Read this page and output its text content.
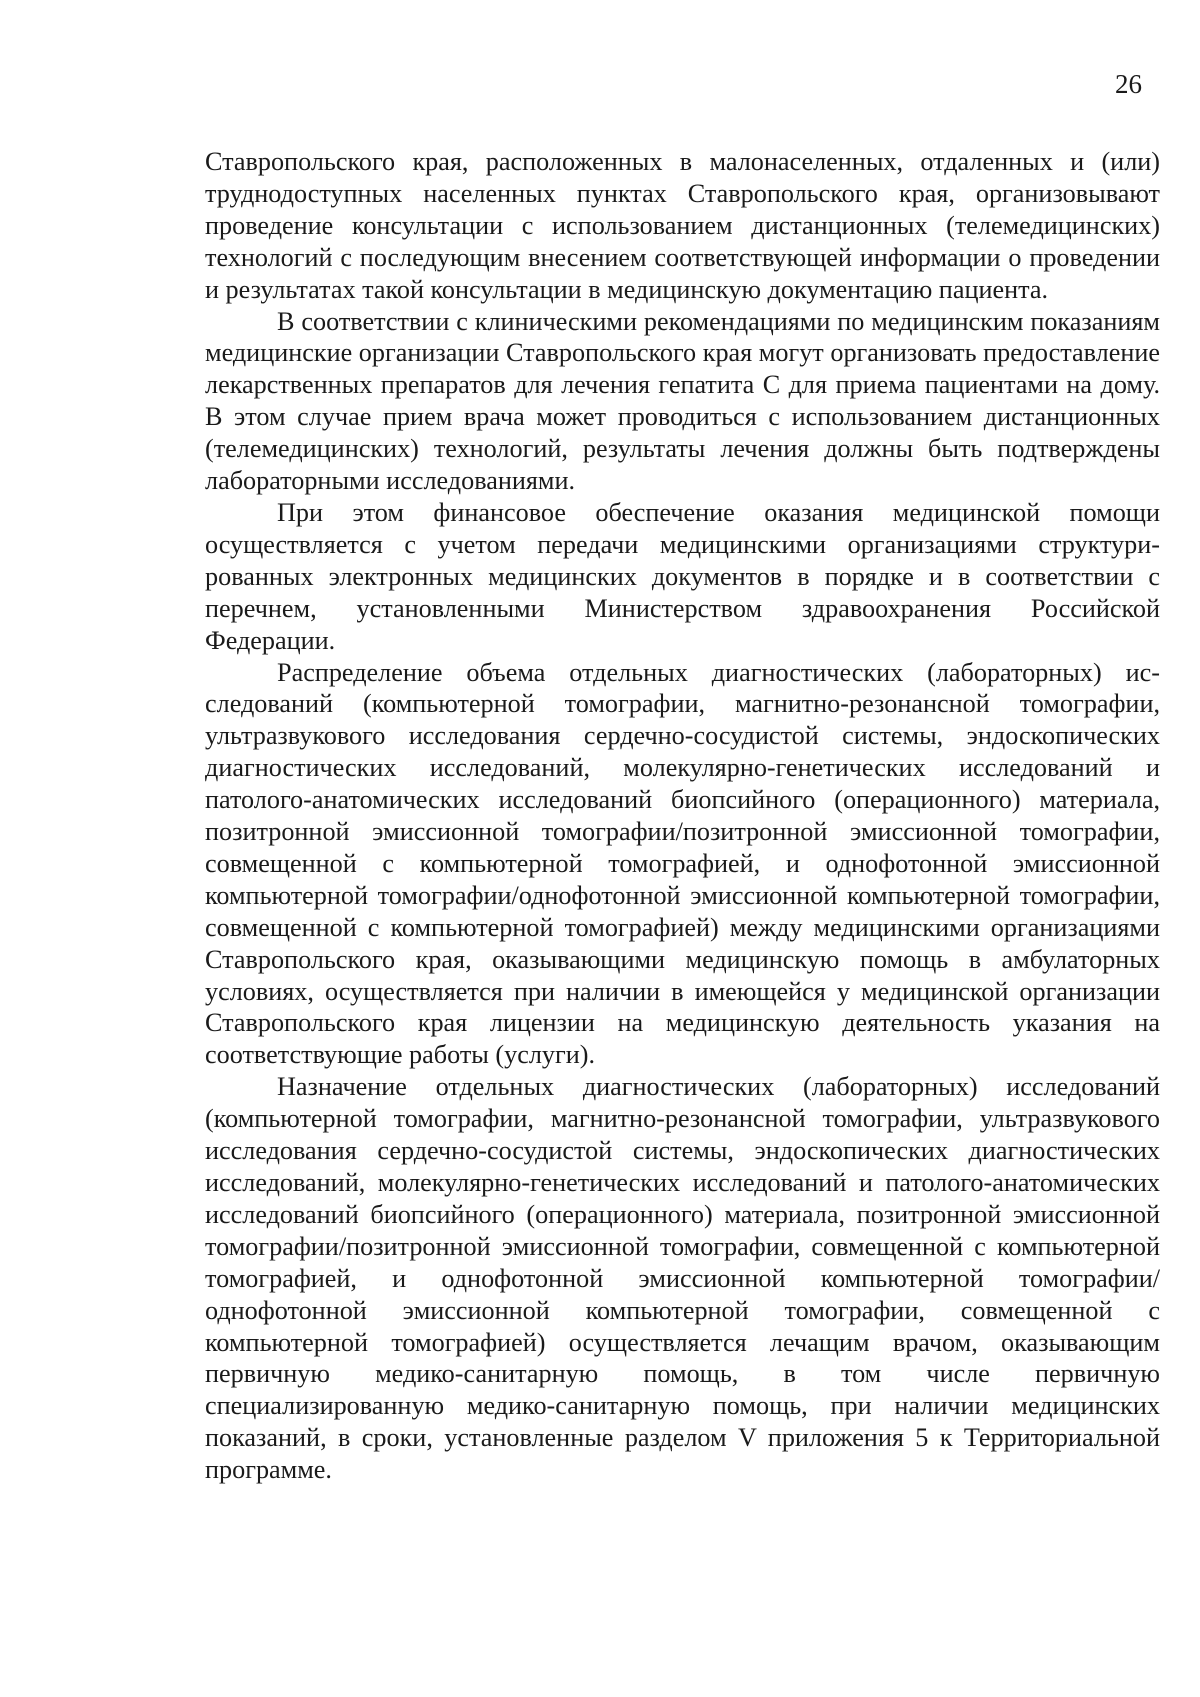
26

Ставропольского края, расположенных в малонаселенных, отдаленных и (или) труднодоступных населенных пунктах Ставропольского края, организовывают проведение консультации с использованием дистанционных (телемедицинских) технологий с последующим внесением соответствующей информации о проведении и результатах такой консультации в медицинскую документацию пациента.

В соответствии с клиническими рекомендациями по медицинским показаниям медицинские организации Ставропольского края могут организовать предоставление лекарственных препаратов для лечения гепатита С для приема пациентами на дому. В этом случае прием врача может проводиться с использованием дистанционных (телемедицинских) технологий, результаты лечения должны быть подтверждены лабораторными исследованиями.

При этом финансовое обеспечение оказания медицинской помощи осуществляется с учетом передачи медицинскими организациями структурированных электронных медицинских документов в порядке и в соответствии с перечнем, установленными Министерством здравоохранения Российской Федерации.

Распределение объема отдельных диагностических (лабораторных) исследований (компьютерной томографии, магнитно-резонансной томографии, ультразвукового исследования сердечно-сосудистой системы, эндоскопических диагностических исследований, молекулярно-генетических исследований и патолого-анатомических исследований биопсийного (операционного) материала, позитронной эмиссионной томографии/позитронной эмиссионной томографии, совмещенной с компьютерной томографией, и однофотонной эмиссионной компьютерной томографии/однофотонной эмиссионной компьютерной томографии, совмещенной с компьютерной томографией) между медицинскими организациями Ставропольского края, оказывающими медицинскую помощь в амбулаторных условиях, осуществляется при наличии в имеющейся у медицинской организации Ставропольского края лицензии на медицинскую деятельность указания на соответствующие работы (услуги).

Назначение отдельных диагностических (лабораторных) исследований (компьютерной томографии, магнитно-резонансной томографии, ультразвукового исследования сердечно-сосудистой системы, эндоскопических диагностических исследований, молекулярно-генетических исследований и патолого-анатомических исследований биопсийного (операционного) материала, позитронной эмиссионной томографии/позитронной эмиссионной томографии, совмещенной с компьютерной томографией, и однофотонной эмиссионной компьютерной томографии/однофотонной эмиссионной компьютерной томографии, совмещенной с компьютерной томографией) осуществляется лечащим врачом, оказывающим первичную медико-санитарную помощь, в том числе первичную специализированную медико-санитарную помощь, при наличии медицинских показаний, в сроки, установленные разделом V приложения 5 к Территориальной программе.
